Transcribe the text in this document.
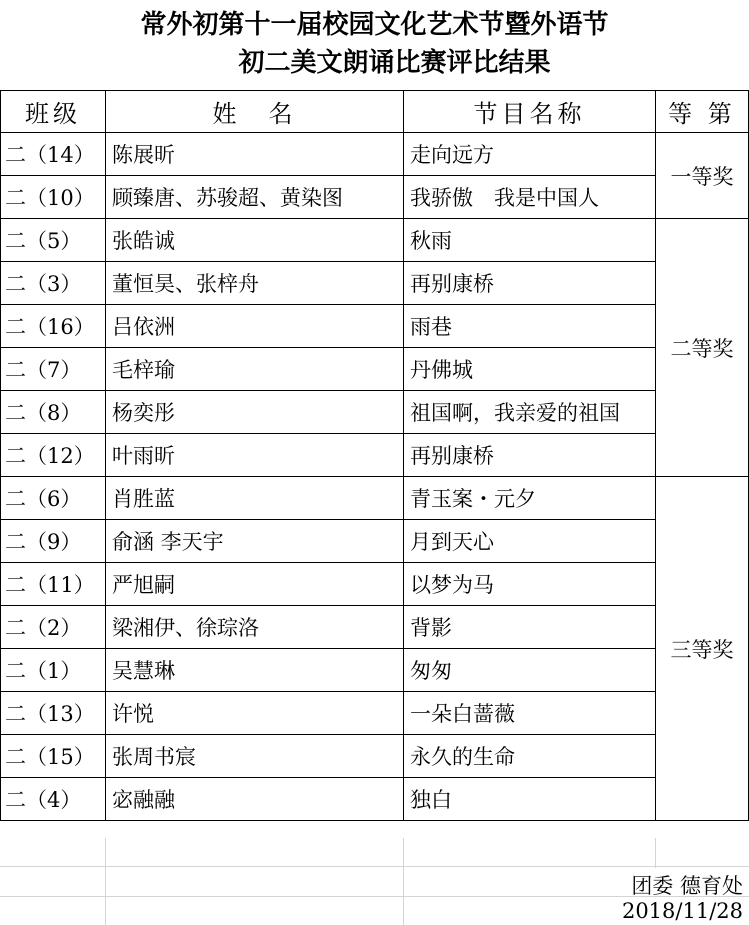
常外初第十一届校园文化艺术节暨外语节
初二美文朗诵比赛评比结果
班级	姓　名	节目名称	等 第
二（14）	陈展昕	走向远方	一等奖
二（10）	顾臻唐、苏骏超、黄染图	我骄傲　我是中国人	
二（5）	张皓诚	秋雨	二等奖
二（3）	董恒昊、张梓舟	再别康桥	
二（16）	吕依洲	雨巷	
二（7）	毛梓瑜	丹佛城	
二（8）	杨奕彤	祖国啊，我亲爱的祖国	
二（12）	叶雨昕	再别康桥	
二（6）	肖胜蓝	青玉案・元夕	三等奖
二（9）	俞涵 李天宇	月到天心	
二（11）	严旭嗣	以梦为马	
二（2）	梁湘伊、徐琮洛	背影	
二（1）	吴慧琳	匆匆	
二（13）	许悦	一朵白蔷薇	
二（15）	张周书宸	永久的生命	
二（4）	宓融融	独白	
团委 德育处
2018/11/28
